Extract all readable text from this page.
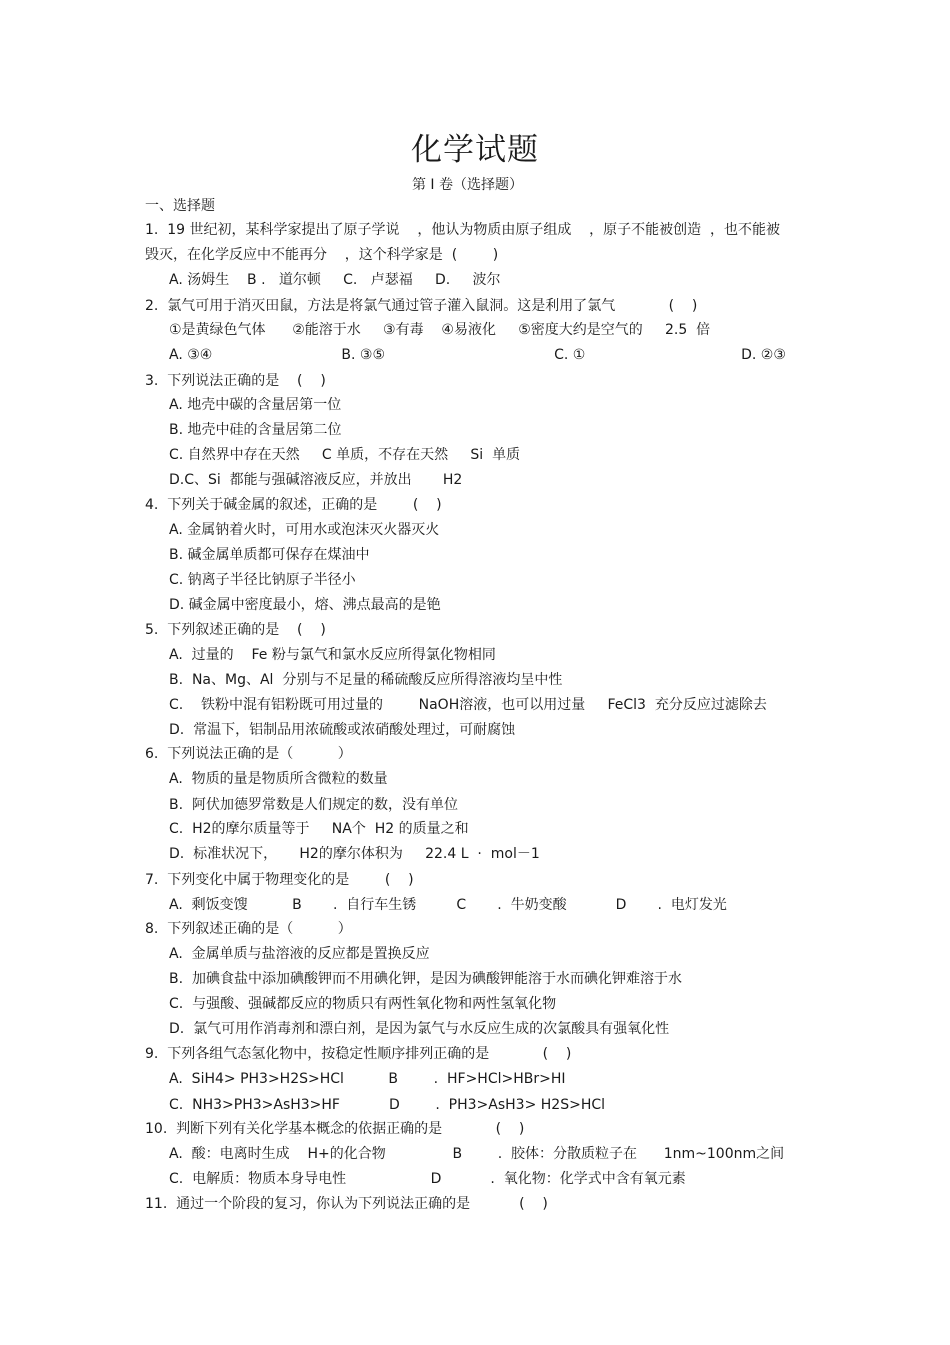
化学试题
第 I 卷（选择题）
一、选择题
1.  19 世纪初，某科学家提出了原子学说    ，他认为物质由原子组成    ，原子不能被创造  ，也不能被
毁灭，在化学反应中不能再分    ，这个科学家是  (        )
A. 汤姆生    B .   道尔顿     C.   卢瑟福     D.     波尔
2.  氯气可用于消灭田鼠，方法是将氯气通过管子灌入鼠洞。这是利用了氯气            (    )
①是黄绿色气体      ②能溶于水     ③有毒    ④易液化     ⑤密度大约是空气的     2.5  倍
A. ③④                             B. ③⑤                                      C. ①                                   D. ②③
3.  下列说法正确的是    (    )
A. 地壳中碳的含量居第一位
B. 地壳中硅的含量居第二位
C. 自然界中存在天然     C 单质，不存在天然     Si  单质
D.C、Si  都能与强碱溶液反应，并放出       H2
4.  下列关于碱金属的叙述，正确的是        (    )
A. 金属钠着火时，可用水或泡沫灭火器灭火
B. 碱金属单质都可保存在煤油中
C. 钠离子半径比钠原子半径小
D. 碱金属中密度最小，熔、沸点最高的是铯
5.  下列叙述正确的是    (    )
A.  过量的    Fe 粉与氯气和氯水反应所得氯化物相同
B.  Na、Mg、Al  分别与不足量的稀硫酸反应所得溶液均呈中性
C.    铁粉中混有铝粉既可用过量的        NaOH溶液，也可以用过量     FeCl3  充分反应过滤除去
D.  常温下，铝制品用浓硫酸或浓硝酸处理过，可耐腐蚀
6.  下列说法正确的是（          ）
A.  物质的量是物质所含微粒的数量
B.  阿伏加德罗常数是人们规定的数，没有单位
C.  H2的摩尔质量等于     NA个  H2 的质量之和
D.  标准状况下，     H2的摩尔体积为     22.4 L  ·  mol－1
7.  下列变化中属于物理变化的是        (    )
A.  剩饭变馊          B       .  自行车生锈         C       .  牛奶变酸           D       .  电灯发光
8.  下列叙述正确的是（          ）
A.  金属单质与盐溶液的反应都是置换反应
B.  加碘食盐中添加碘酸钾而不用碘化钾，是因为碘酸钾能溶于水而碘化钾难溶于水
C.  与强酸、强碱都反应的物质只有两性氧化物和两性氢氧化物
D.  氯气可用作消毒剂和漂白剂，是因为氯气与水反应生成的次氯酸具有强氧化性
9.  下列各组气态氢化物中，按稳定性顺序排列正确的是            (    )
A.  SiH4> PH3>H2S>HCl          B        .  HF>HCl>HBr>HI
C.  NH3>PH3>AsH3>HF           D        .  PH3>AsH3> H2S>HCl
10.  判断下列有关化学基本概念的依据正确的是            (    )
A.  酸：电离时生成    H+的化合物               B        .  胶体：分散质粒子在      1nm~100nm之间
C.  电解质：物质本身导电性                   D           .  氧化物：化学式中含有氧元素
11.  通过一个阶段的复习，你认为下列说法正确的是           (    )
